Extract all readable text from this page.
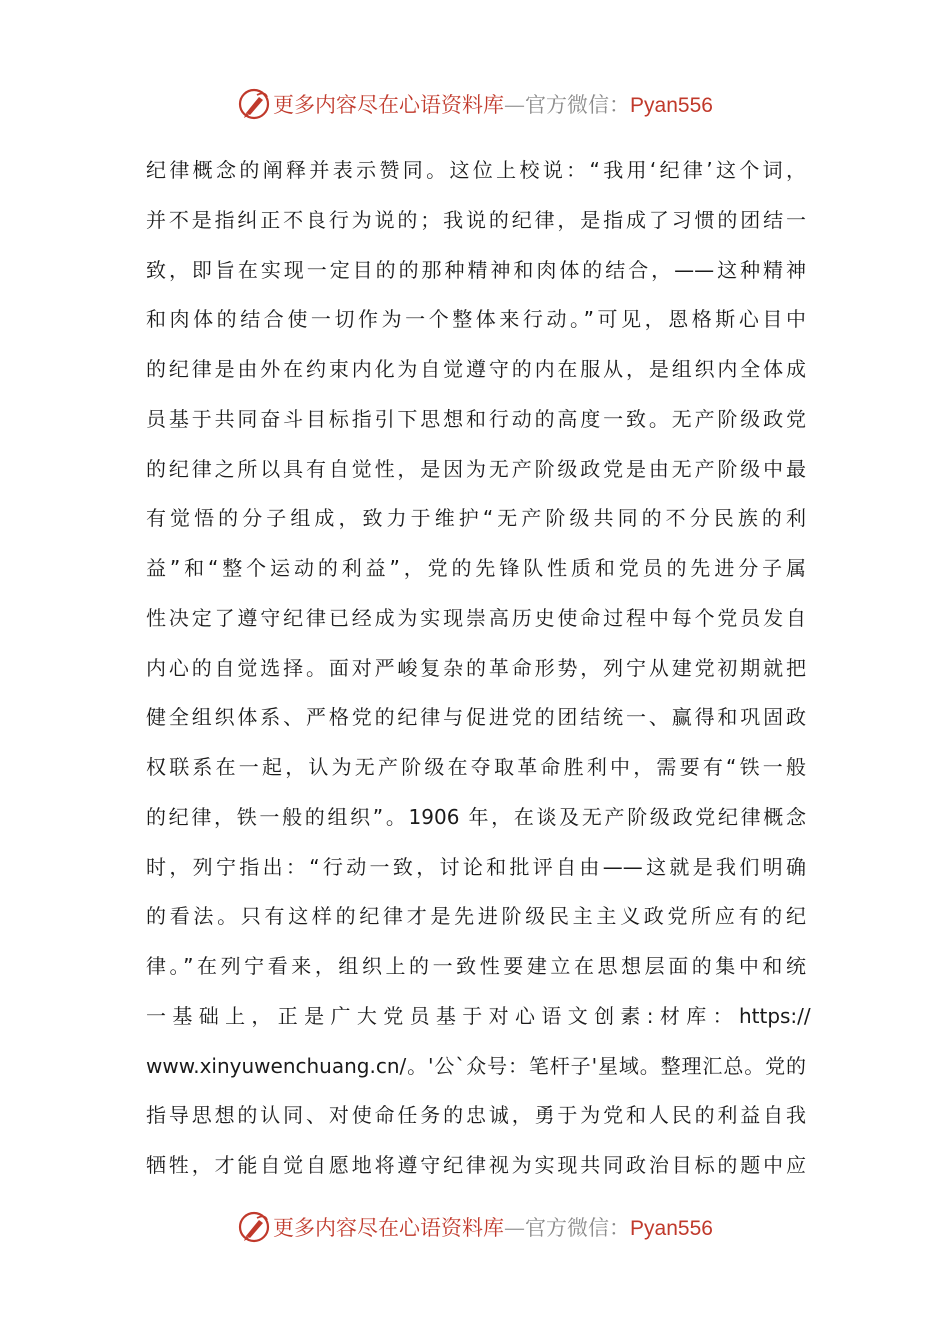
更多内容尽在心语资料库—官方微信：Pyan556
纪律概念的阐释并表示赞同。这位上校说：“我用‘纪律’这个词，
并不是指纠正不良行为说的；我说的纪律，是指成了习惯的团结一
致，即旨在实现一定目的的那种精神和肉体的结合，——这种精神
和肉体的结合使一切作为一个整体来行动。”可见，恩格斯心目中
的纪律是由外在约束内化为自觉遵守的内在服从，是组织内全体成
员基于共同奋斗目标指引下思想和行动的高度一致。无产阶级政党
的纪律之所以具有自觉性，是因为无产阶级政党是由无产阶级中最
有觉悟的分子组成，致力于维护“无产阶级共同的不分民族的利
益”和“整个运动的利益”，党的先锋队性质和党员的先进分子属
性决定了遵守纪律已经成为实现崇高历史使命过程中每个党员发自
内心的自觉选择。面对严峻复杂的革命形势，列宁从建党初期就把
健全组织体系、严格党的纪律与促进党的团结统一、赢得和巩固政
权联系在一起，认为无产阶级在夺取革命胜利中，需要有“铁一般
的纪律，铁一般的组织”。1906 年，在谈及无产阶级政党纪律概念
时，列宁指出：“行动一致，讨论和批评自由——这就是我们明确
的看法。只有这样的纪律才是先进阶级民主主义政党所应有的纪
律。”在列宁看来，组织上的一致性要建立在思想层面的集中和统
一 基 础 上 ， 正 是 广 大 党 员 基 于 对 心 语 文 创 素 : 材 库 ： https://
www.xinyuwenchuang.cn/。'公`众号：笔杆子'星域。整理汇总。党的
指导思想的认同、对使命任务的忠诚，勇于为党和人民的利益自我
牺牲，才能自觉自愿地将遵守纪律视为实现共同政治目标的题中应
更多内容尽在心语资料库—官方微信：Pyan556
